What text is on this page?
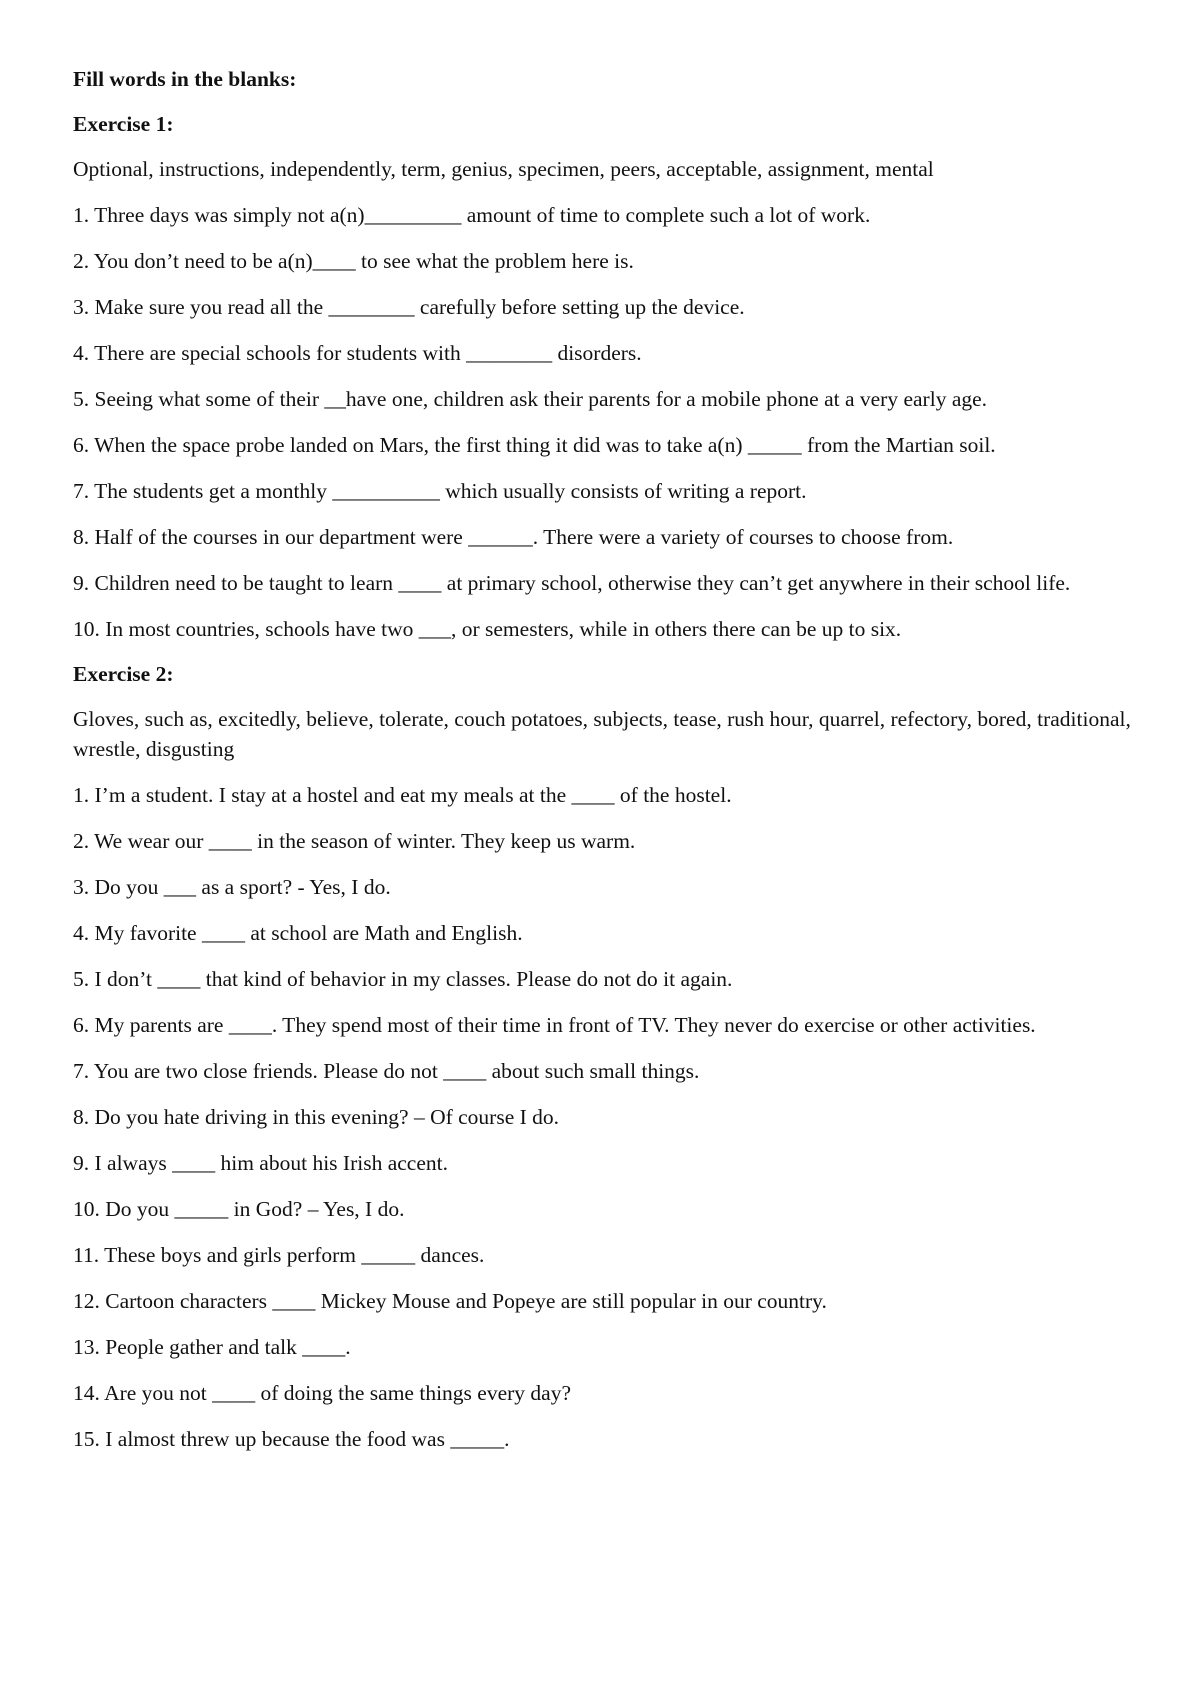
Fill words in the blanks:

Exercise 1:

Optional, instructions, independently, term, genius, specimen, peers, acceptable, assignment, mental

1. Three days was simply not a(n)_________ amount of time to complete such a lot of work.

2. You don’t need to be a(n)____ to see what the problem here is.

3. Make sure you read all the ________ carefully before setting up the device.

4. There are special schools for students with ________ disorders.

5. Seeing what some of their __have one, children ask their parents for a mobile phone at a very early age.

6. When the space probe landed on Mars, the first thing it did was to take a(n) _____ from the Martian soil.

7. The students get a monthly __________ which usually consists of writing a report.

8. Half of the courses in our department were ______. There were a variety of courses to choose from.

9. Children need to be taught to learn ____ at primary school, otherwise they can’t get anywhere in their school life.

10. In most countries, schools have two ___, or semesters, while in others there can be up to six.

Exercise 2:

Gloves, such as, excitedly, believe, tolerate, couch potatoes, subjects, tease, rush hour, quarrel, refectory, bored, traditional, wrestle, disgusting

1. I’m a student. I stay at a hostel and eat my meals at the ____ of the hostel.

2. We wear our ____ in the season of winter. They keep us warm.

3. Do you ___ as a sport? - Yes, I do.

4. My favorite ____ at school are Math and English.

5. I don’t ____ that kind of behavior in my classes. Please do not do it again.

6. My parents are ____. They spend most of their time in front of TV. They never do exercise or other activities.

7. You are two close friends. Please do not ____ about such small things.

8. Do you hate driving in this evening? – Of course I do.

9. I always ____ him about his Irish accent.

10. Do you _____ in God? – Yes, I do.

11. These boys and girls perform _____ dances.

12. Cartoon characters ____ Mickey Mouse and Popeye are still popular in our country.

13. People gather and talk ____.

14. Are you not ____ of doing the same things every day?

15. I almost threw up because the food was _____.
